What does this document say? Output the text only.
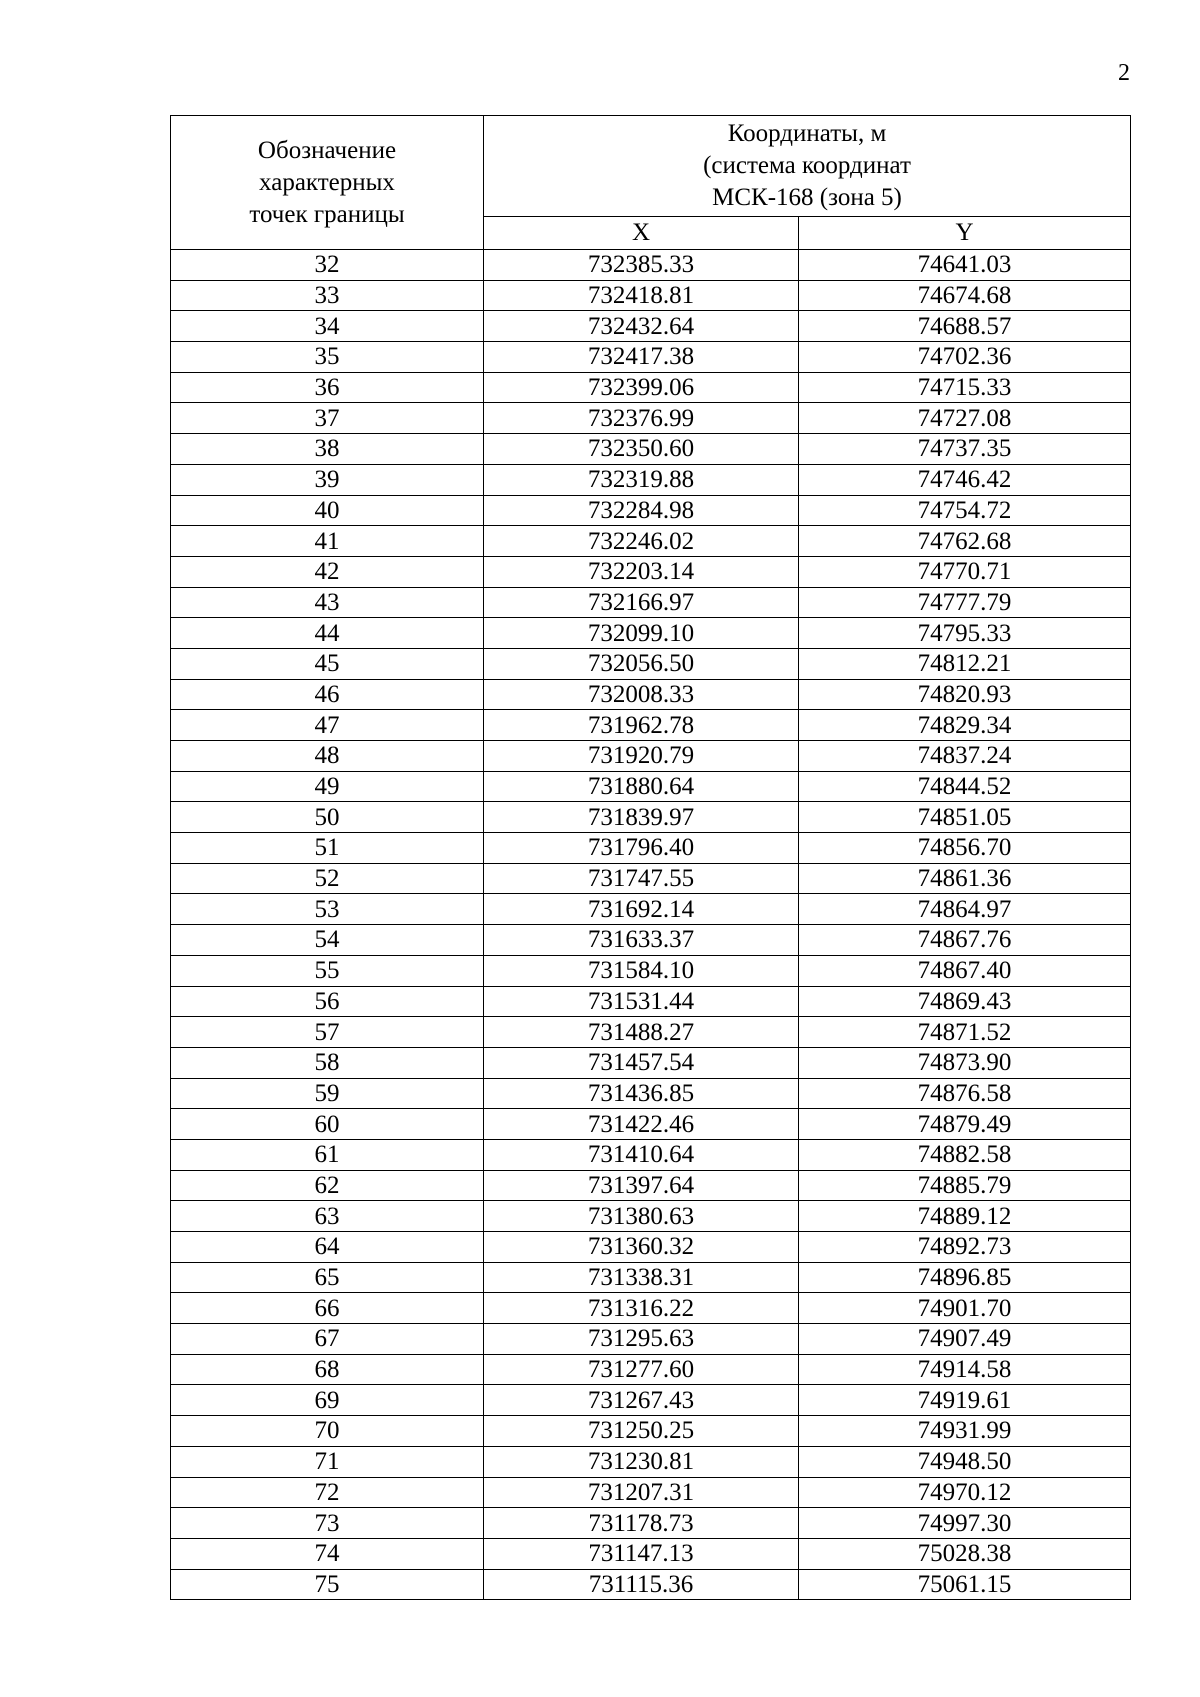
2
Обозначение
характерных
точек границы	Координаты, м
(система координат
МСК-168 (зона 5)	

	X	Y
32	732385.33	74641.03
33	732418.81	74674.68
34	732432.64	74688.57
35	732417.38	74702.36
36	732399.06	74715.33
37	732376.99	74727.08
38	732350.60	74737.35
39	732319.88	74746.42
40	732284.98	74754.72
41	732246.02	74762.68
42	732203.14	74770.71
43	732166.97	74777.79
44	732099.10	74795.33
45	732056.50	74812.21
46	732008.33	74820.93
47	731962.78	74829.34
48	731920.79	74837.24
49	731880.64	74844.52
50	731839.97	74851.05
51	731796.40	74856.70
52	731747.55	74861.36
53	731692.14	74864.97
54	731633.37	74867.76
55	731584.10	74867.40
56	731531.44	74869.43
57	731488.27	74871.52
58	731457.54	74873.90
59	731436.85	74876.58
60	731422.46	74879.49
61	731410.64	74882.58
62	731397.64	74885.79
63	731380.63	74889.12
64	731360.32	74892.73
65	731338.31	74896.85
66	731316.22	74901.70
67	731295.63	74907.49
68	731277.60	74914.58
69	731267.43	74919.61
70	731250.25	74931.99
71	731230.81	74948.50
72	731207.31	74970.12
73	731178.73	74997.30
74	731147.13	75028.38
75	731115.36	75061.15
